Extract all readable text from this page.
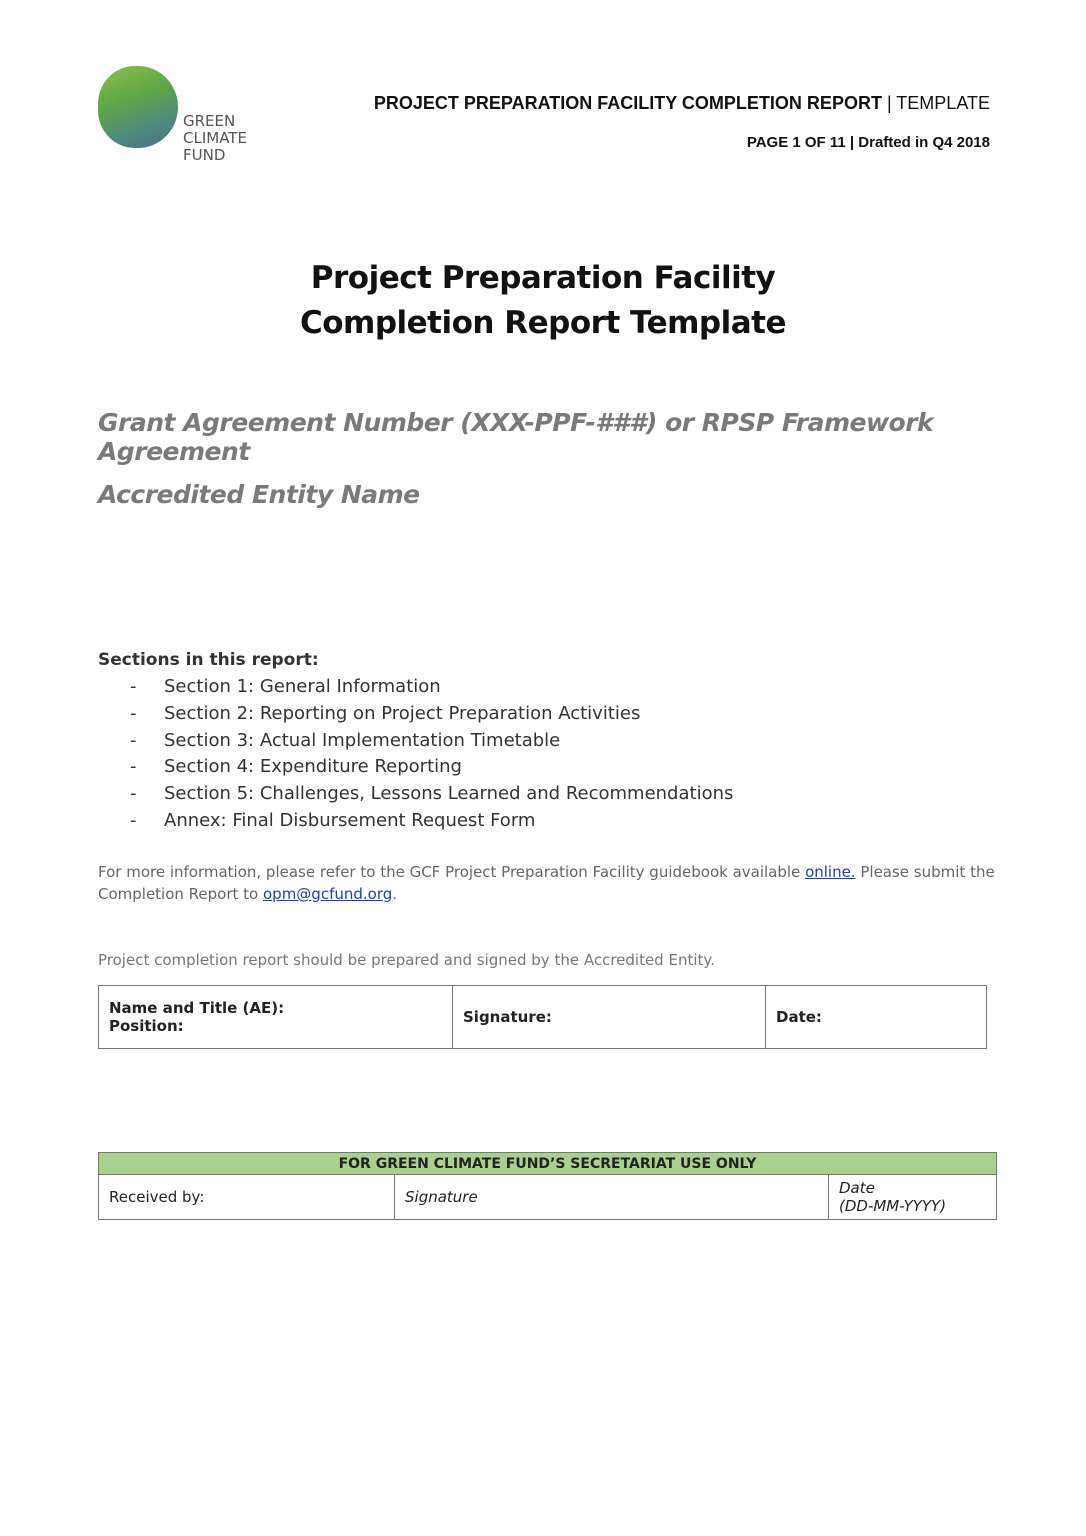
GREEN
CLIMATE
FUND
PROJECT PREPARATION FACILITY COMPLETION REPORT | TEMPLATE
PAGE 1 OF 11 | Drafted in Q4 2018
Project Preparation Facility
Completion Report Template
Grant Agreement Number (XXX-PPF-###) or RPSP Framework Agreement
Accredited Entity Name
Sections in this report:
-	Section 1: General Information
-	Section 2: Reporting on Project Preparation Activities
-	Section 3: Actual Implementation Timetable
-	Section 4: Expenditure Reporting
-	Section 5: Challenges, Lessons Learned and Recommendations
-	Annex: Final Disbursement Request Form
For more information, please refer to the GCF Project Preparation Facility guidebook available online. Please submit the Completion Report to opm@gcfund.org.
Project completion report should be prepared and signed by the Accredited Entity.
Name and Title (AE):
Position:	Signature:	Date:
FOR GREEN CLIMATE FUND’S SECRETARIAT USE ONLY
Received by:	Signature	Date
(DD-MM-YYYY)
